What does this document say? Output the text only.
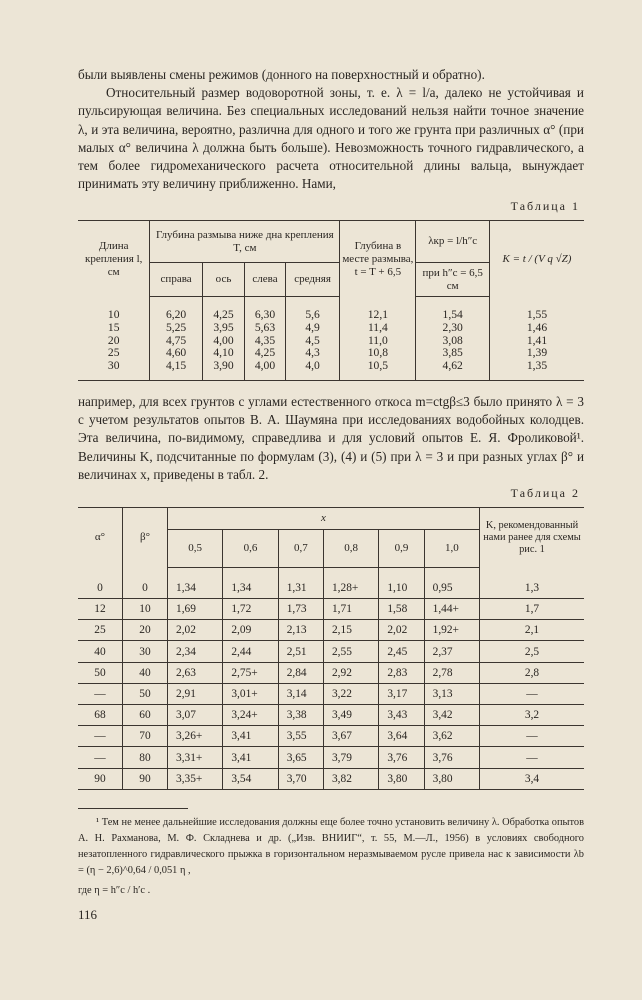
были выявлены смены режимов (донного на поверхностный и обратно).

Относительный размер водоворотной зоны, т. е. λ = l/a, далеко не устойчивая и пульсирующая величина. Без специальных исследований нельзя найти точное значение λ, и эта величина, вероятно, различна для одного и того же грунта при различных α° (при малых α° величина λ должна быть больше). Невозможность точного гидравлического, а тем более гидромеханического расчета относительной длины вальца, вынуждает принимать эту величину приближенно. Нами,

Таблица 1
Длина крепления l, см	Глубина размыва ниже дна крепления T, см				Глубина в месте размыва, t = T + 6,5	λкр = l/h″c	K = t / (V q √Z)
	справа	ось	слева	средняя		при h″c = 6,5 см	

10	6,20	4,25	6,30	5,6	12,1	1,54	1,55
15	5,25	3,95	5,63	4,9	11,4	2,30	1,46
20	4,75	4,00	4,35	4,5	11,0	3,08	1,41
25	4,60	4,10	4,25	4,3	10,8	3,85	1,39
30	4,15	3,90	4,00	4,0	10,5	4,62	1,35

например, для всех грунтов с углами естественного откоса m=ctgβ≤3 было принято λ = 3 с учетом результатов опытов В. А. Шаумяна при исследованиях водобойных колодцев. Эта величина, по-видимому, справедлива и для условий опытов Е. Я. Фроликовой¹. Величины K, подсчитанные по формулам (3), (4) и (5) при λ = 3 и при разных углах β° и величинах x, приведены в табл. 2.

Таблица 2
α°	β°	x						K, рекомендованный нами ранее для схемы рис. 1
		0,5	0,6	0,7	0,8	0,9	1,0	
0	0	1,34	1,34	1,31	1,28+	1,10	0,95	1,3
12	10	1,69	1,72	1,73	1,71	1,58	1,44+	1,7
25	20	2,02	2,09	2,13	2,15	2,02	1,92+	2,1
40	30	2,34	2,44	2,51	2,55	2,45	2,37	2,5
50	40	2,63	2,75+	2,84	2,92	2,83	2,78	2,8
—	50	2,91	3,01+	3,14	3,22	3,17	3,13	—
68	60	3,07	3,24+	3,38	3,49	3,43	3,42	3,2
—	70	3,26+	3,41	3,55	3,67	3,64	3,62	—
—	80	3,31+	3,41	3,65	3,79	3,76	3,76	—
90	90	3,35+	3,54	3,70	3,82	3,80	3,80	3,4

¹ Тем не менее дальнейшие исследования должны еще более точно установить величину λ. Обработка опытов А. Н. Рахманова, М. Ф. Складнева и др. („Изв. ВНИИГ“, т. 55, М.—Л., 1956) в условиях свободного незатопленного гидравлического прыжка в горизонтальном неразмываемом русле привела нас к зависимости λb = (η − 2,6)^0,64 / 0,051 η ,

где η = h″c / h′c .

116
